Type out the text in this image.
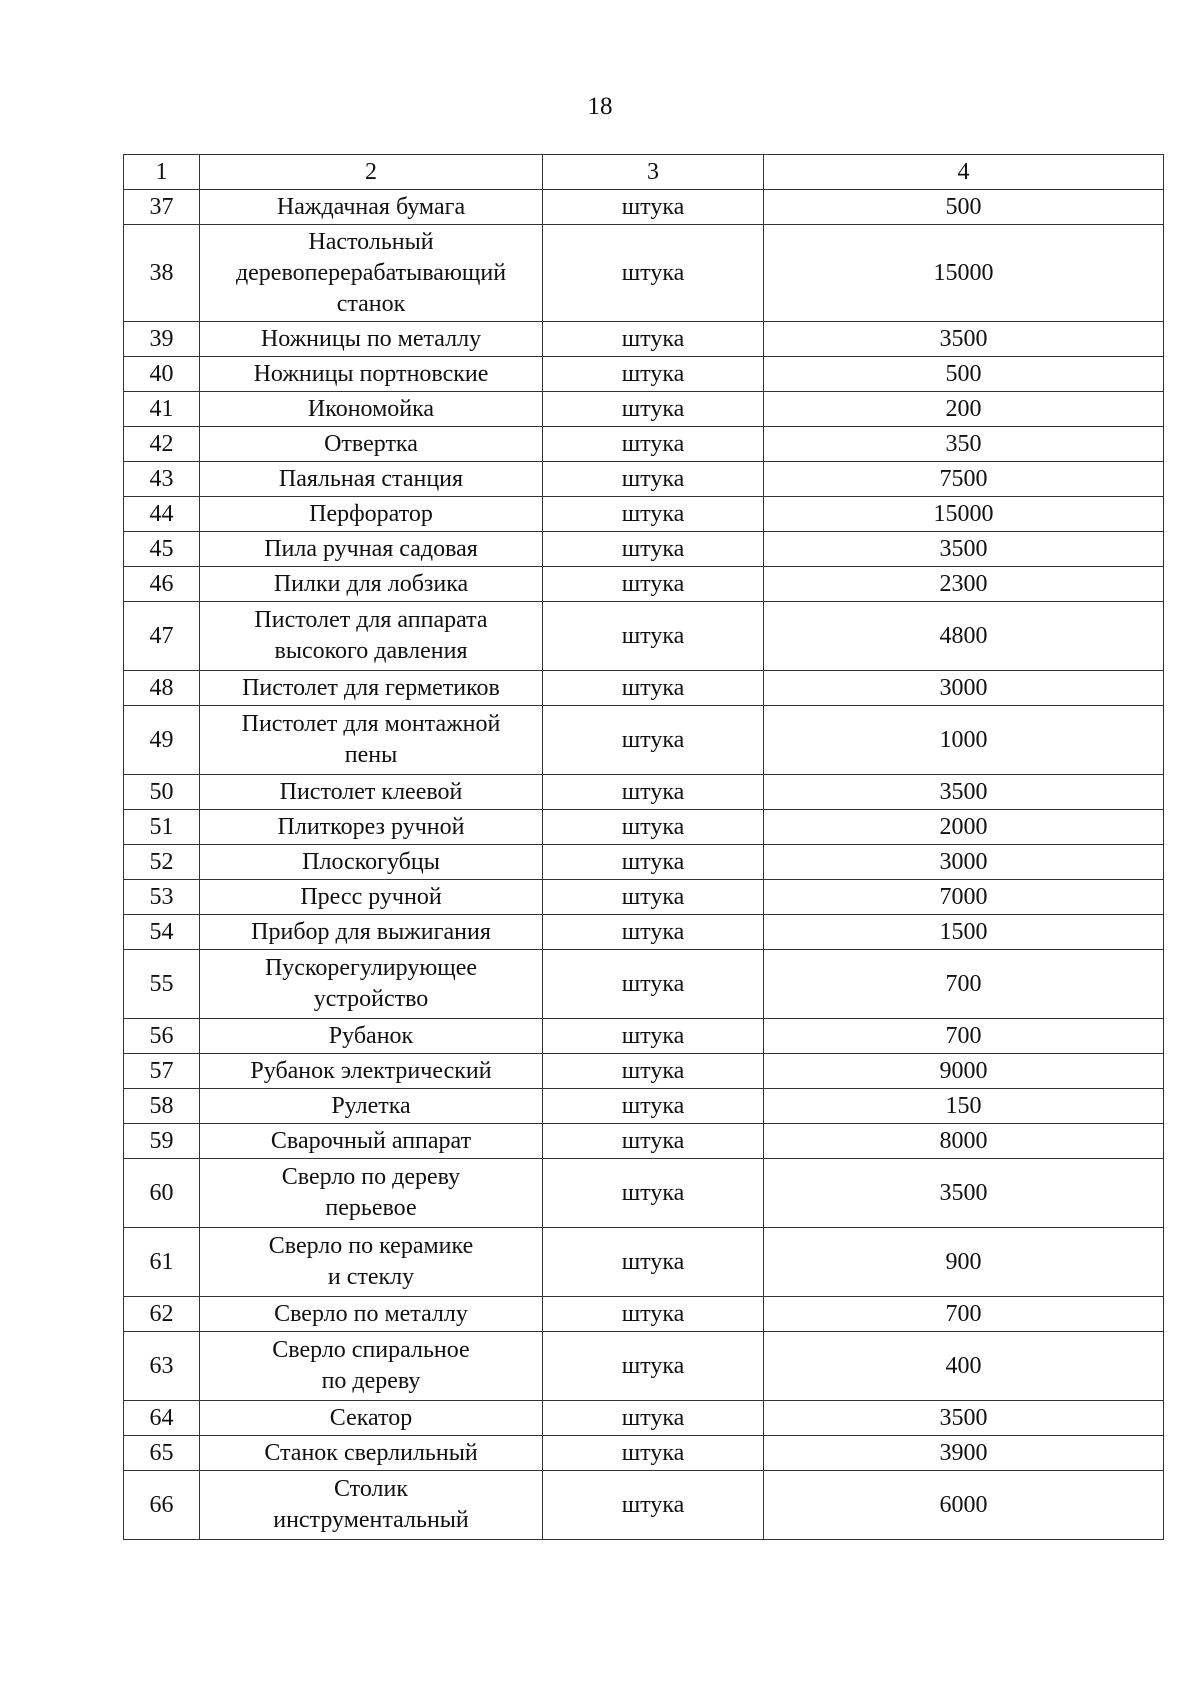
18
1	2	3	4
37	Наждачная бумага	штука	500
38	Настольный
деревоперерабатывающий
станок	штука	15000
39	Ножницы по металлу	штука	3500
40	Ножницы портновские	штука	500
41	Икономойка	штука	200
42	Отвертка	штука	350
43	Паяльная станция	штука	7500
44	Перфоратор	штука	15000
45	Пила ручная садовая	штука	3500
46	Пилки для лобзика	штука	2300
47	Пистолет для аппарата
высокого давления	штука	4800
48	Пистолет для герметиков	штука	3000
49	Пистолет для монтажной
пены	штука	1000
50	Пистолет клеевой	штука	3500
51	Плиткорез ручной	штука	2000
52	Плоскогубцы	штука	3000
53	Пресс ручной	штука	7000
54	Прибор для выжигания	штука	1500
55	Пускорегулирующее
устройство	штука	700
56	Рубанок	штука	700
57	Рубанок электрический	штука	9000
58	Рулетка	штука	150
59	Сварочный аппарат	штука	8000
60	Сверло по дереву
перьевое	штука	3500
61	Сверло по керамике
и стеклу	штука	900
62	Сверло по металлу	штука	700
63	Сверло спиральное
по дереву	штука	400
64	Секатор	штука	3500
65	Станок сверлильный	штука	3900
66	Столик
инструментальный	штука	6000
